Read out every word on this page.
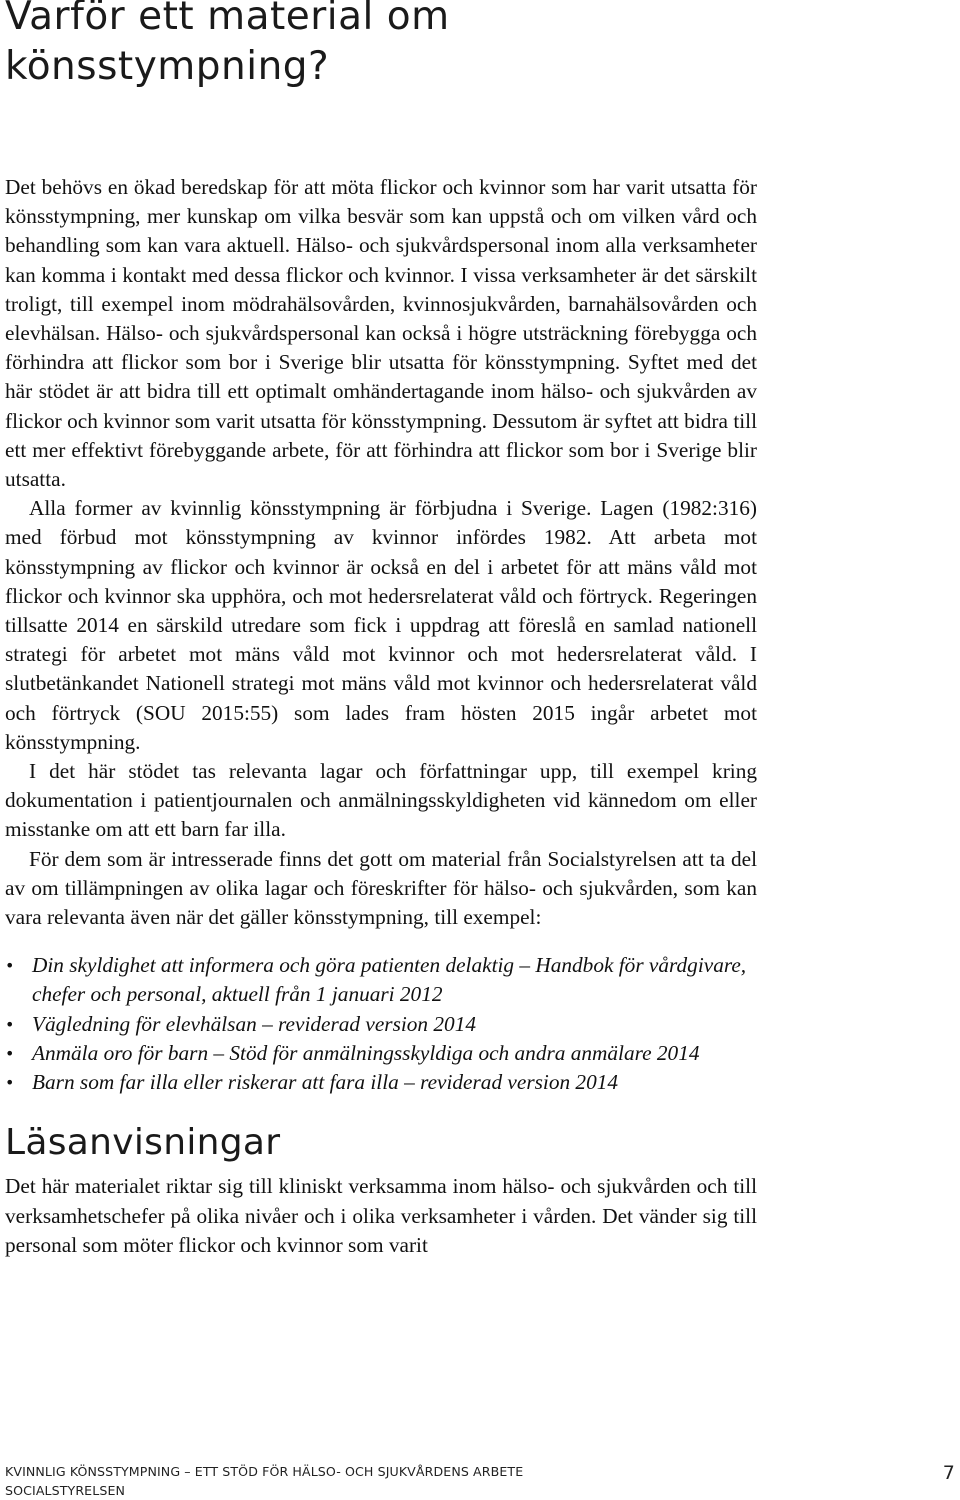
Varför ett material om könsstympning?

Det behövs en ökad beredskap för att möta flickor och kvinnor som har varit utsatta för könsstympning, mer kunskap om vilka besvär som kan uppstå och om vilken vård och behandling som kan vara aktuell. Hälso- och sjukvårdspersonal inom alla verksamheter kan komma i kontakt med dessa flickor och kvinnor. I vissa verksamheter är det särskilt troligt, till exempel inom mödrahälsovården, kvinnosjukvården, barnahälsovården och elevhälsan. Hälso- och sjukvårdspersonal kan också i högre utsträckning förebygga och förhindra att flickor som bor i Sverige blir utsatta för könsstympning. Syftet med det här stödet är att bidra till ett optimalt omhändertagande inom hälso- och sjukvården av flickor och kvinnor som varit utsatta för könsstympning. Dessutom är syftet att bidra till ett mer effektivt förebyggande arbete, för att förhindra att flickor som bor i Sverige blir utsatta.

Alla former av kvinnlig könsstympning är förbjudna i Sverige. Lagen (1982:316) med förbud mot könsstympning av kvinnor infördes 1982. Att arbeta mot könsstympning av flickor och kvinnor är också en del i arbetet för att mäns våld mot flickor och kvinnor ska upphöra, och mot hedersrelaterat våld och förtryck. Regeringen tillsatte 2014 en särskild utredare som fick i uppdrag att föreslå en samlad nationell strategi för arbetet mot mäns våld mot kvinnor och mot hedersrelaterat våld. I slutbetänkandet Nationell strategi mot mäns våld mot kvinnor och hedersrelaterat våld och förtryck (SOU 2015:55) som lades fram hösten 2015 ingår arbetet mot könsstympning.

I det här stödet tas relevanta lagar och författningar upp, till exempel kring dokumentation i patientjournalen och anmälningsskyldigheten vid kännedom om eller misstanke om att ett barn far illa.

För dem som är intresserade finns det gott om material från Socialstyrelsen att ta del av om tillämpningen av olika lagar och föreskrifter för hälso- och sjukvården, som kan vara relevanta även när det gäller könsstympning, till exempel:

• Din skyldighet att informera och göra patienten delaktig – Handbok för vårdgivare, chefer och personal, aktuell från 1 januari 2012
• Vägledning för elevhälsan – reviderad version 2014
• Anmäla oro för barn – Stöd för anmälningsskyldiga och andra anmälare 2014
• Barn som far illa eller riskerar att fara illa – reviderad version 2014
Läsanvisningar

Det här materialet riktar sig till kliniskt verksamma inom hälso- och sjukvården och till verksamhetschefer på olika nivåer och i olika verksamheter i vården. Det vänder sig till personal som möter flickor och kvinnor som varit

KVINNLIG KÖNSSTYMPNING – ETT STÖD FÖR HÄLSO- OCH SJUKVÅRDENS ARBETE
SOCIALSTYRELSEN
7
